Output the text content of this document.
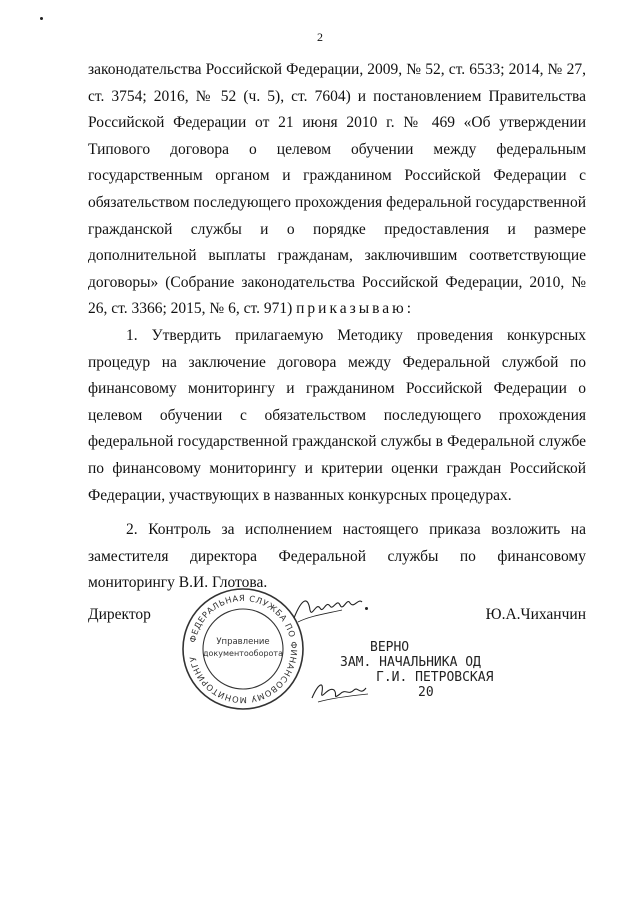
2

законодательства Российской Федерации, 2009, № 52, ст. 6533; 2014, № 27, ст. 3754; 2016, № 52 (ч. 5), ст. 7604) и постановлением Правительства Российской Федерации от 21 июня 2010 г. № 469 «Об утверждении Типового договора о целевом обучении между федеральным государственным органом и гражданином Российской Федерации с обязательством последующего прохождения федеральной государственной гражданской службы и о порядке предоставления и размере дополнительной выплаты гражданам, заключившим соответствующие договоры» (Собрание законодательства Российской Федерации, 2010, № 26, ст. 3366; 2015, № 6, ст. 971) приказываю:

1. Утвердить прилагаемую Методику проведения конкурсных процедур на заключение договора между Федеральной службой по финансовому мониторингу и гражданином Российской Федерации о целевом обучении с обязательством последующего прохождения федеральной государственной гражданской службы в Федеральной службе по финансовому мониторингу и критерии оценки граждан Российской Федерации, участвующих в названных конкурсных процедурах.

2. Контроль за исполнением настоящего приказа возложить на заместителя директора Федеральной службы по финансовому мониторингу В.И. Глотова.

Директор	Ю.А.Чиханчин
ФЕДЕРАЛЬНАЯ СЛУЖБА ПО ФИНАНСОВОМУ МОНИТОРИНГУ
Управление
документооборота	ВЕРНО
ЗАМ. НАЧАЛЬНИКА ОД
Г.И. ПЕТРОВСКАЯ
20
